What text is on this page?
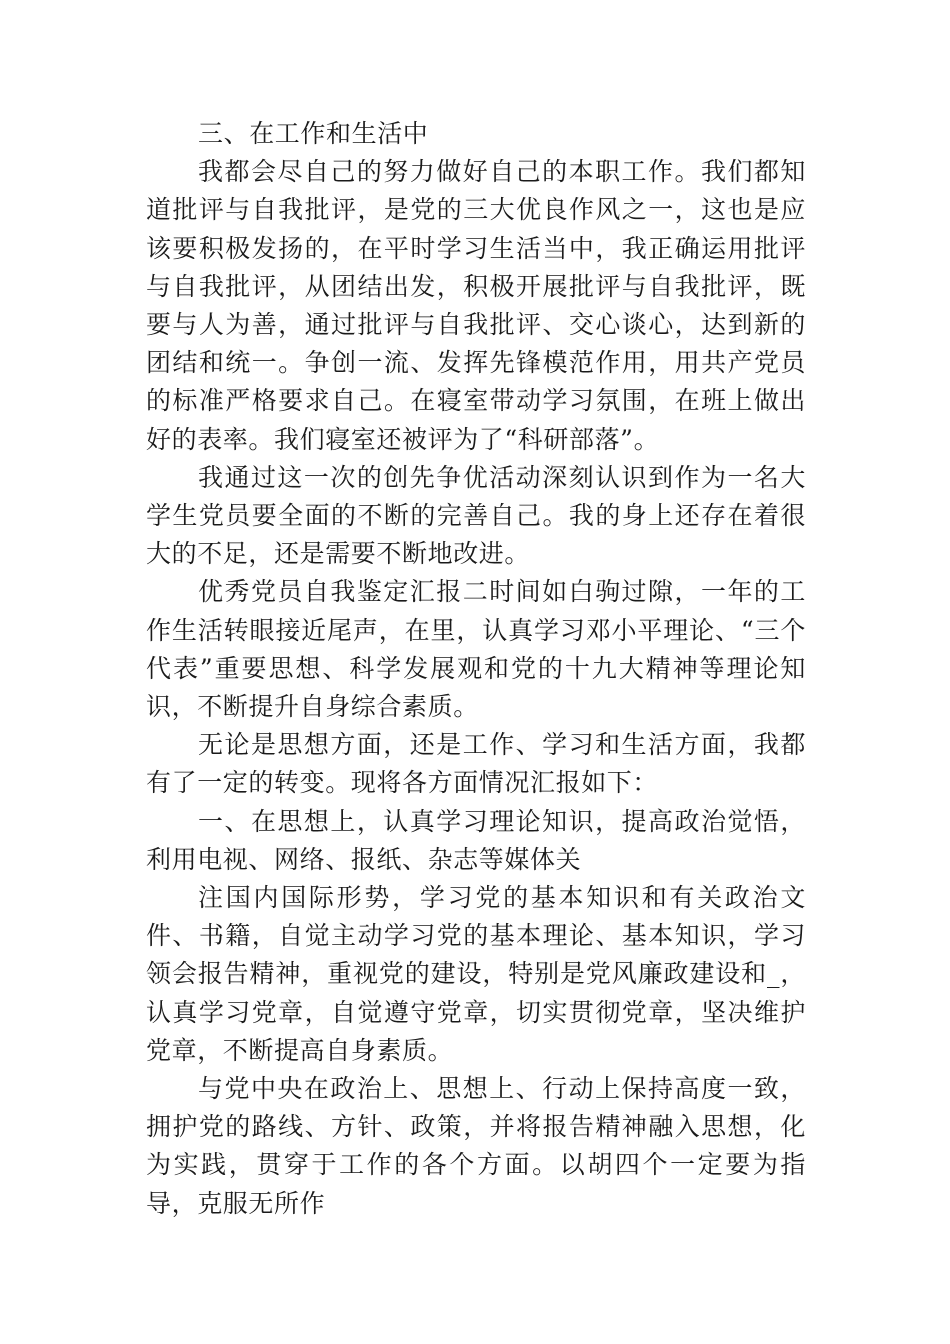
三、在工作和生活中

我都会尽自己的努力做好自己的本职工作。我们都知道批评与自我批评，是党的三大优良作风之一，这也是应该要积极发扬的，在平时学习生活当中，我正确运用批评与自我批评，从团结出发，积极开展批评与自我批评，既要与人为善，通过批评与自我批评、交心谈心，达到新的团结和统一。争创一流、发挥先锋模范作用，用共产党员的标准严格要求自己。在寝室带动学习氛围，在班上做出好的表率。我们寝室还被评为了“科研部落”。

我通过这一次的创先争优活动深刻认识到作为一名大学生党员要全面的不断的完善自己。我的身上还存在着很大的不足，还是需要不断地改进。

优秀党员自我鉴定汇报二时间如白驹过隙，一年的工作生活转眼接近尾声，在里，认真学习邓小平理论、“三个代表”重要思想、科学发展观和党的十九大精神等理论知识，不断提升自身综合素质。

无论是思想方面，还是工作、学习和生活方面，我都有了一定的转变。现将各方面情况汇报如下：

一、在思想上，认真学习理论知识，提高政治觉悟，利用电视、网络、报纸、杂志等媒体关

注国内国际形势，学习党的基本知识和有关政治文件、书籍，自觉主动学习党的基本理论、基本知识，学习领会报告精神，重视党的建设，特别是党风廉政建设和_，认真学习党章，自觉遵守党章，切实贯彻党章，坚决维护党章，不断提高自身素质。

与党中央在政治上、思想上、行动上保持高度一致，拥护党的路线、方针、政策，并将报告精神融入思想，化为实践，贯穿于工作的各个方面。以胡四个一定要为指导，克服无所作
